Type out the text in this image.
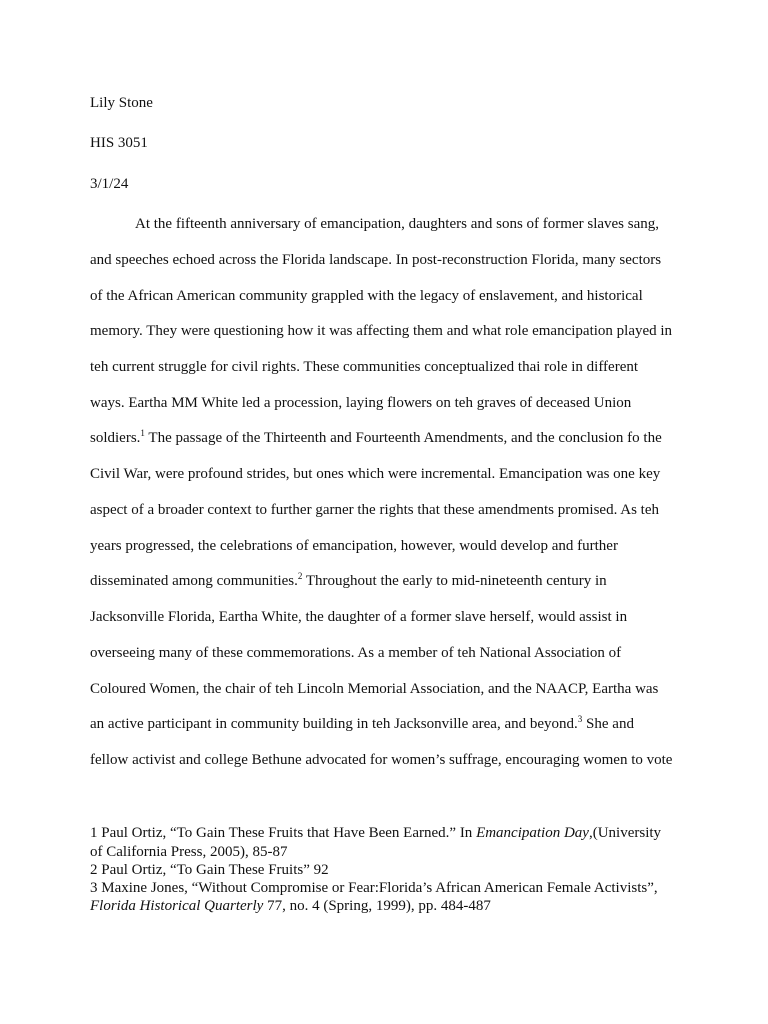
Lily Stone

HIS 3051

3/1/24

At the fifteenth anniversary of emancipation, daughters and sons of former slaves sang,

and speeches echoed across the Florida landscape. In post-reconstruction Florida, many sectors

of the African American community grappled with the legacy of enslavement, and historical

memory. They were questioning how it was affecting them and what role emancipation played in

teh current struggle for civil rights. These communities conceptualized thai role in different

ways. Eartha MM White led a procession, laying flowers on teh graves of deceased Union

soldiers.$^1$ The passage of the Thirteenth and Fourteenth Amendments, and the conclusion fo the

Civil War, were profound strides, but ones which were incremental. Emancipation was one key

aspect of a broader context to further garner the rights that these amendments promised. As teh

years progressed, the celebrations of emancipation, however, would develop and further

disseminated among communities.$^2$ Throughout the early to mid-nineteenth century in

Jacksonville Florida, Eartha White, the daughter of a former slave herself, would assist in

overseeing many of these commemorations. As a member of teh National Association of

Coloured Women, the chair of teh Lincoln Memorial Association, and the NAACP, Eartha was

an active participant in community building in teh Jacksonville area, and beyond.$^3$ She and

fellow activist and college Bethune advocated for women’s suffrage, encouraging women to vote

1 Paul Ortiz, “To Gain These Fruits that Have Been Earned.” In Emancipation Day,(University

of California Press, 2005), 85-87

2 Paul Ortiz, “To Gain These Fruits” 92

3 Maxine Jones, “Without Compromise or Fear:Florida’s African American Female Activists”,

Florida Historical Quarterly 77, no. 4 (Spring, 1999), pp. 484-487
